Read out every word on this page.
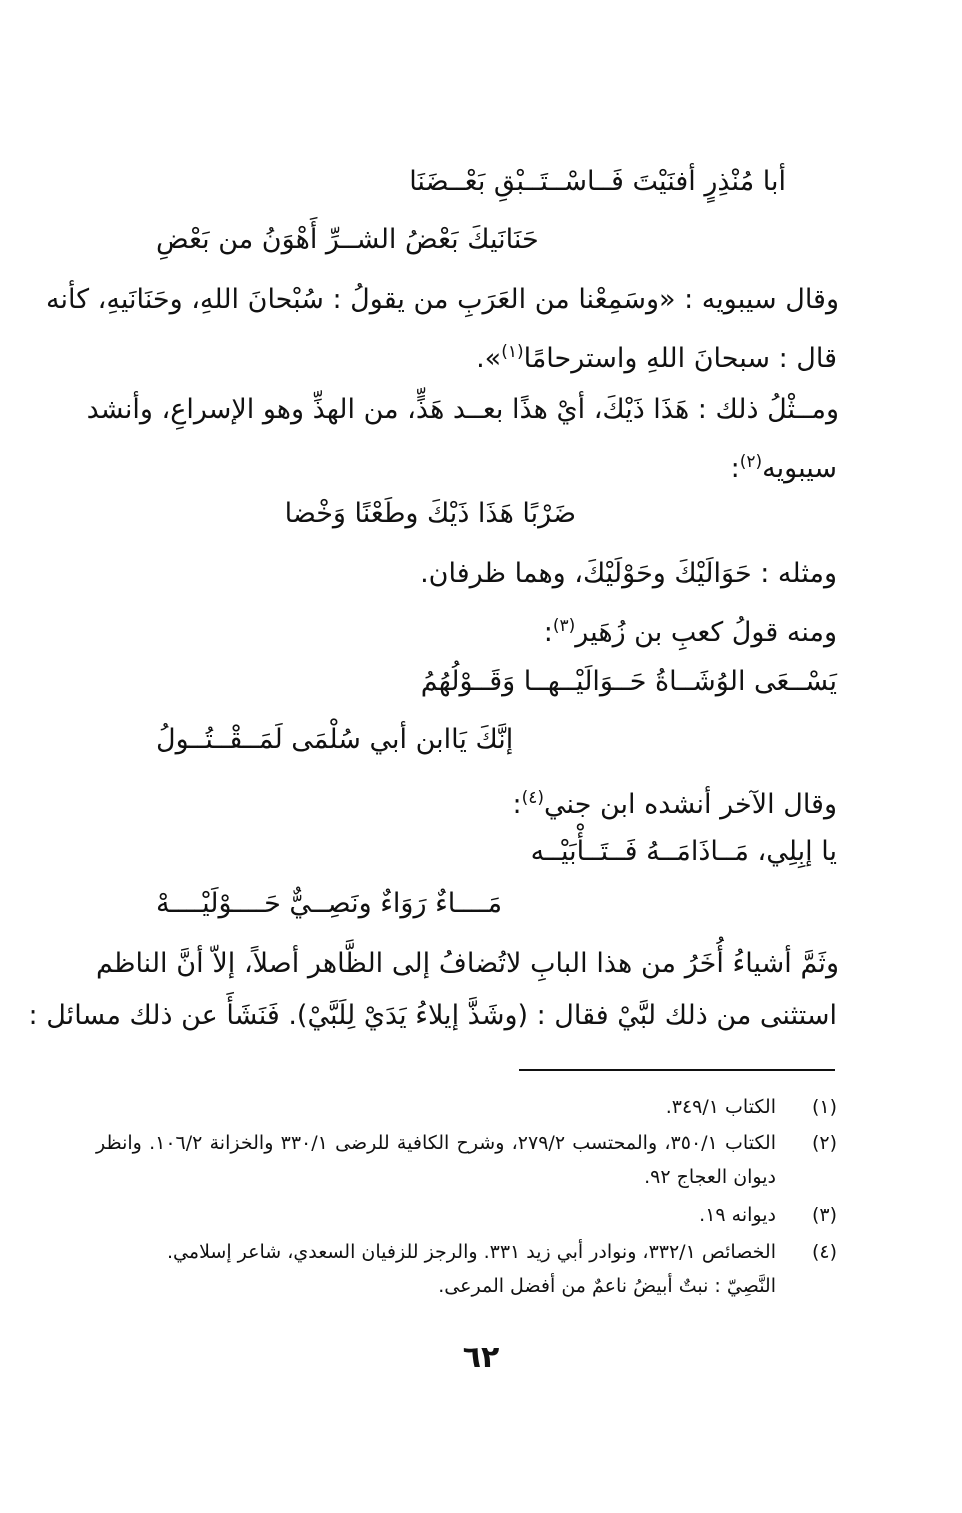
أبا مُنْذِرٍ أفنَيْتَ فَــاسْــتَــبْقِ بَعْــضَنَا

حَنَانَيكَ بَعْضُ الشــرِّ أَهْوَنُ من بَعْضِ

وقال سيبويه : «وسَمِعْنا من العَرَبِ من يقولُ : سُبْحانَ اللهِ، وحَنَانَيهِ، كأنه

قال : سبحانَ اللهِ واسترحامًا$^{(١)}$».

ومــثْلُ ذلك : هَذَا ذَيْكَ، أيْ هذًا بعــد هَذٍّ، من الهذِّ وهو الإسراعِ، وأنشد

سيبويه$^{(٢)}$:

ضَرْبًا هَذَا ذَيْكَ وطَعْنًا وَخْضا

ومثله : حَوَالَيْكَ وحَوْلَيْكَ، وهما ظرفان.

ومنه قولُ كعبِ بن زُهَير$^{(٣)}$:

يَسْــعَى الوُشَــاةُ حَــوَالَيْــهــا وَقَــوْلُهُمُ

إنَّكَ يَاابن أبي سُلْمَى لَمَــقْــتُــولُ

وقال الآخر أنشده ابن جني$^{(٤)}$:

يا إبِلِي، مَــاذَامَــهُ فَــتَــأْبَيْــه

مَــــاءٌ رَوَاءٌ ونَصِــيٌّ حَــــوْلَيْــــهْ

وثَمَّ أشياءُ أُخَرُ من هذا البابِ لاتُضافُ إلى الظَّاهر أصلاً، إلاّ أنَّ الناظم

استثنى من ذلك لبَّيْ فقال : (وشَذَّ إيلاءُ يَدَيْ لِلَبَّيْ). فَنَشَأَ عن ذلك مسائل :

(١)
الكتاب ٣٤٩/١.
(٢)
الكتاب ٣٥٠/١، والمحتسب ٢٧٩/٢، وشرح الكافية للرضى ٣٣٠/١ والخزانة ١٠٦/٢. وانظر
ديوان العجاج ٩٢.
(٣)
ديوانه ١٩.
(٤)
الخصائص ٣٣٢/١، ونوادر أبي زيد ٣٣١. والرجز للزفيان السعدي، شاعر إسلامي.
النَّصِيّ : نبتٌ أبيضُ ناعمٌ من أفضل المرعى.
٦٢
